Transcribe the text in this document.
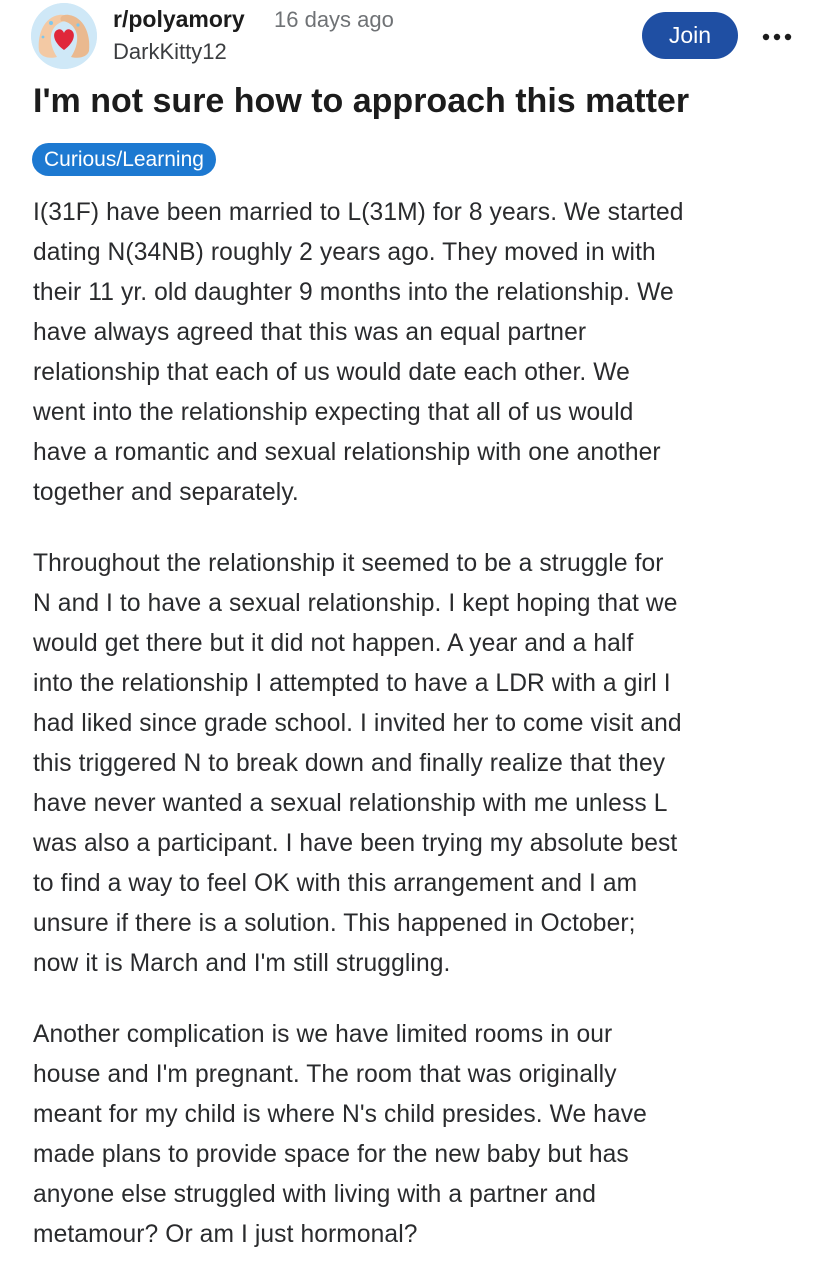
r/polyamory 16 days ago
DarkKitty12
Join
I'm not sure how to approach this matter
Curious/Learning

I(31F) have been married to L(31M) for 8 years. We started
dating N(34NB) roughly 2 years ago. They moved in with
their 11 yr. old daughter 9 months into the relationship. We
have always agreed that this was an equal partner
relationship that each of us would date each other. We
went into the relationship expecting that all of us would
have a romantic and sexual relationship with one another
together and separately.

Throughout the relationship it seemed to be a struggle for
N and I to have a sexual relationship. I kept hoping that we
would get there but it did not happen. A year and a half
into the relationship I attempted to have a LDR with a girl I
had liked since grade school. I invited her to come visit and
this triggered N to break down and finally realize that they
have never wanted a sexual relationship with me unless L
was also a participant. I have been trying my absolute best
to find a way to feel OK with this arrangement and I am
unsure if there is a solution. This happened in October;
now it is March and I'm still struggling.

Another complication is we have limited rooms in our
house and I'm pregnant. The room that was originally
meant for my child is where N's child presides. We have
made plans to provide space for the new baby but has
anyone else struggled with living with a partner and
metamour? Or am I just hormonal?
